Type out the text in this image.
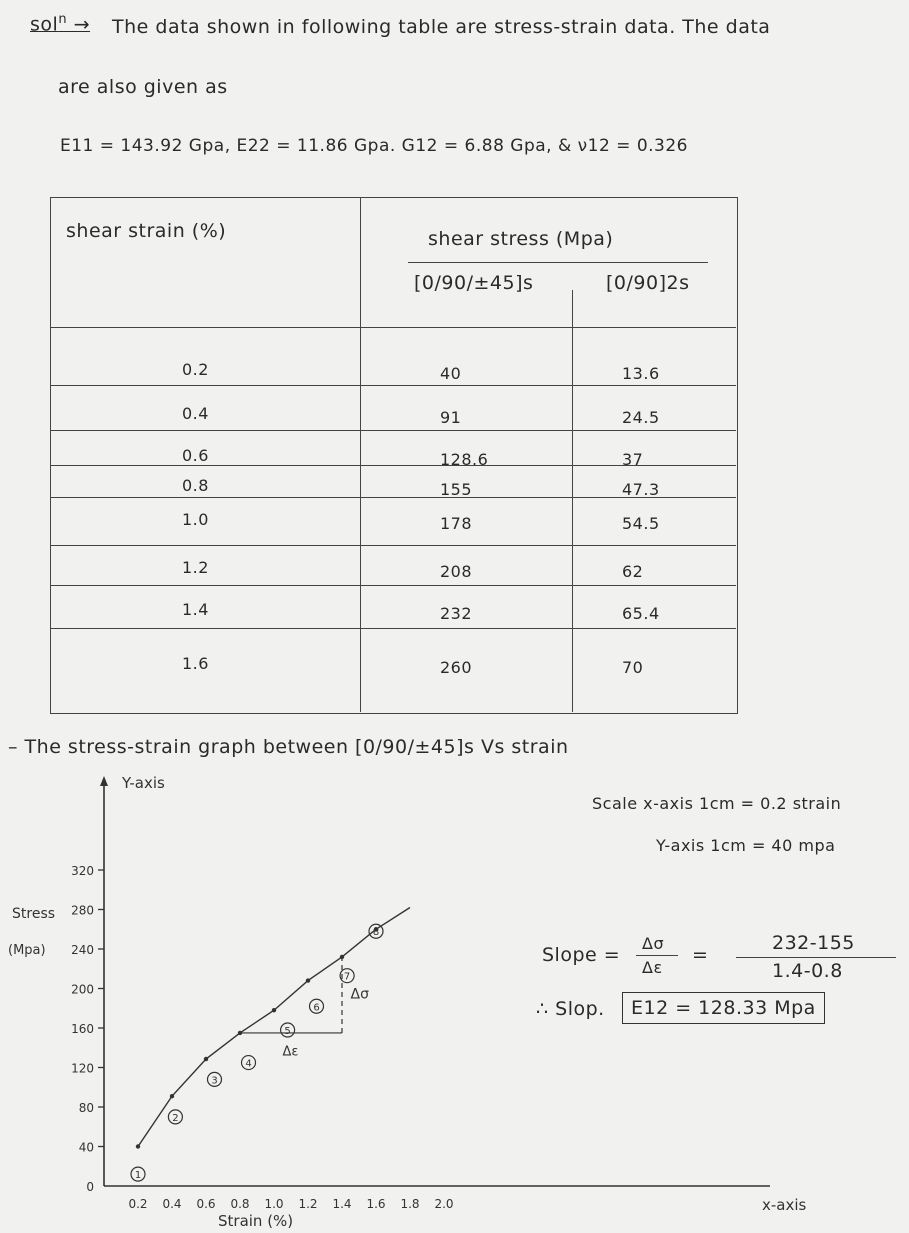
sol$^n$ → The data shown in following table are stress-strain data. The data
are also given as
E11 = 143.92 Gpa, E22 = 11.86 Gpa. G12 = 6.88 Gpa, & ν12 = 0.326
shear strain (%)	shear stress (Mpa)
[0/90/±45]s	[0/90]2s
0.2	40	13.6
0.4	91	24.5
0.6	128.6	37
0.8	155	47.3
1.0	178	54.5
1.2	208	62
1.4	232	65.4
1.6	260	70
– The stress-strain graph between [0/90/±45]s Vs strain
Scale x-axis 1cm = 0.2 strain
Y-axis 1cm = 40 mpa
Slope =
Δσ
Δε
=
232-155
1.4-0.8
∴ Slop.	E12 = 128.33 Mpa
Y-axis
x-axis
0
40
80
120
160
200
240
280
320
0.2 0.4 0.6 0.8 1.0 1.2 1.4 1.6 1.8 2.0
Stress
(Mpa)
Strain (%)
1
2
3
4
5
6
7
8
Δσ
Δε
